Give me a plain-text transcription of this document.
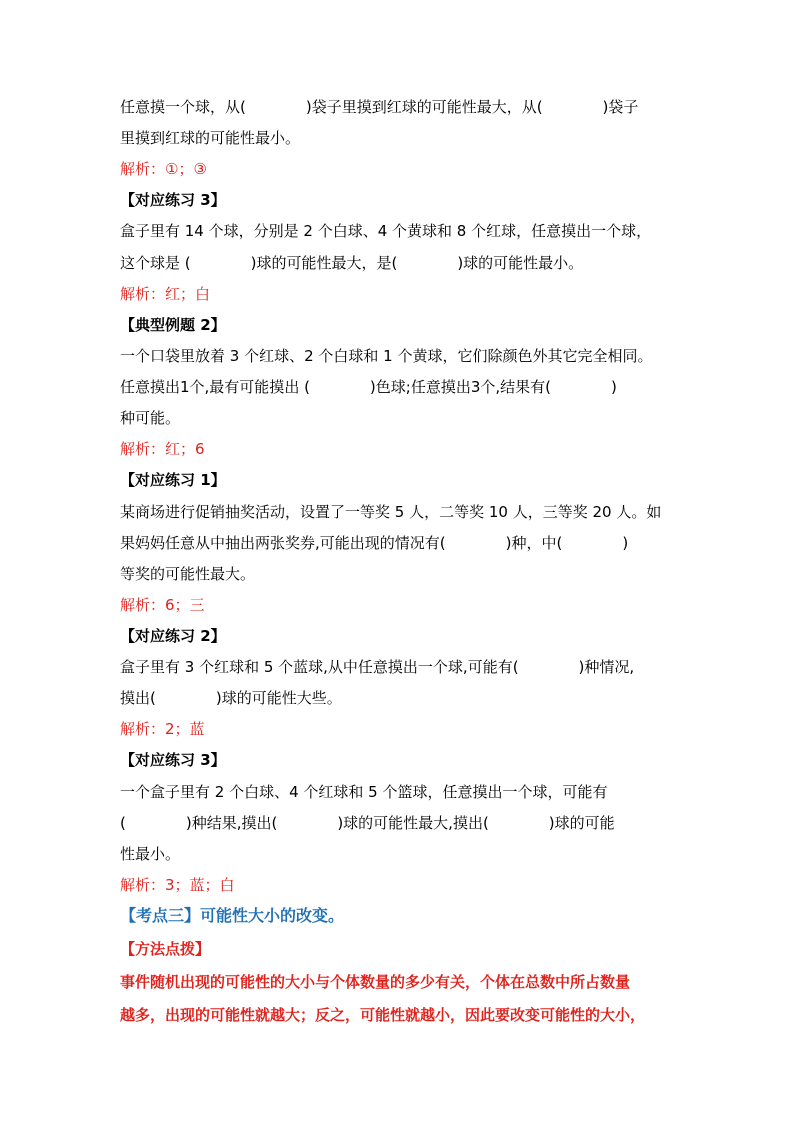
任意摸一个球，从(　　　　)袋子里摸到红球的可能性最大，从(　　　　)袋子
里摸到红球的可能性最小。
解析：①；③
【对应练习 3】
盒子里有 14 个球，分别是 2 个白球、4 个黄球和 8 个红球，任意摸出一个球，
这个球是 (　　　　)球的可能性最大，是(　　　　)球的可能性最小。
解析：红；白
【典型例题 2】
一个口袋里放着 3 个红球、2 个白球和 1 个黄球，它们除颜色外其它完全相同。
任意摸出1个,最有可能摸出 (　　　　)色球;任意摸出3个,结果有(　　　　)
种可能。
解析：红；6
【对应练习 1】
某商场进行促销抽奖活动，设置了一等奖 5 人，二等奖 10 人，三等奖 20 人。如
果妈妈任意从中抽出两张奖券,可能出现的情况有(　　　　)种，中(　　　　)
等奖的可能性最大。
解析：6；三
【对应练习 2】
盒子里有 3 个红球和 5 个蓝球,从中任意摸出一个球,可能有(　　　　)种情况,
摸出(　　　　)球的可能性大些。
解析：2；蓝
【对应练习 3】
一个盒子里有 2 个白球、4 个红球和 5 个篮球，任意摸出一个球，可能有
(　　　　)种结果,摸出(　　　　)球的可能性最大,摸出(　　　　)球的可能
性最小。
解析：3；蓝；白
【考点三】可能性大小的改变。
【方法点拨】
事件随机出现的可能性的大小与个体数量的多少有关，个体在总数中所占数量
越多，出现的可能性就越大；反之，可能性就越小，因此要改变可能性的大小，
